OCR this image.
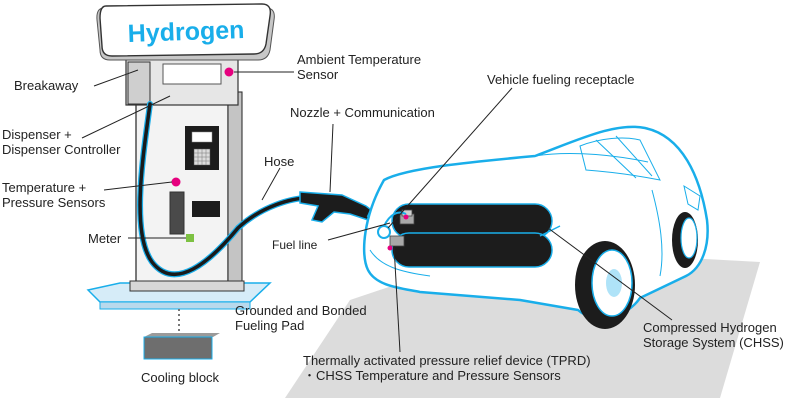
Hydrogen
Breakaway
Ambient Temperature
Sensor	Vehicle fueling receptacle
Nozzle + Communication
Dispenser +
Dispenser Controller
Hose
Temperature +
Pressure Sensors
Fuel line
Meter
Grounded and Bonded
Fueling Pad	Compressed Hydrogen
Storage System (CHSS)
Thermally activated pressure relief device (TPRD)
・CHSS Temperature and Pressure Sensors
Cooling block
